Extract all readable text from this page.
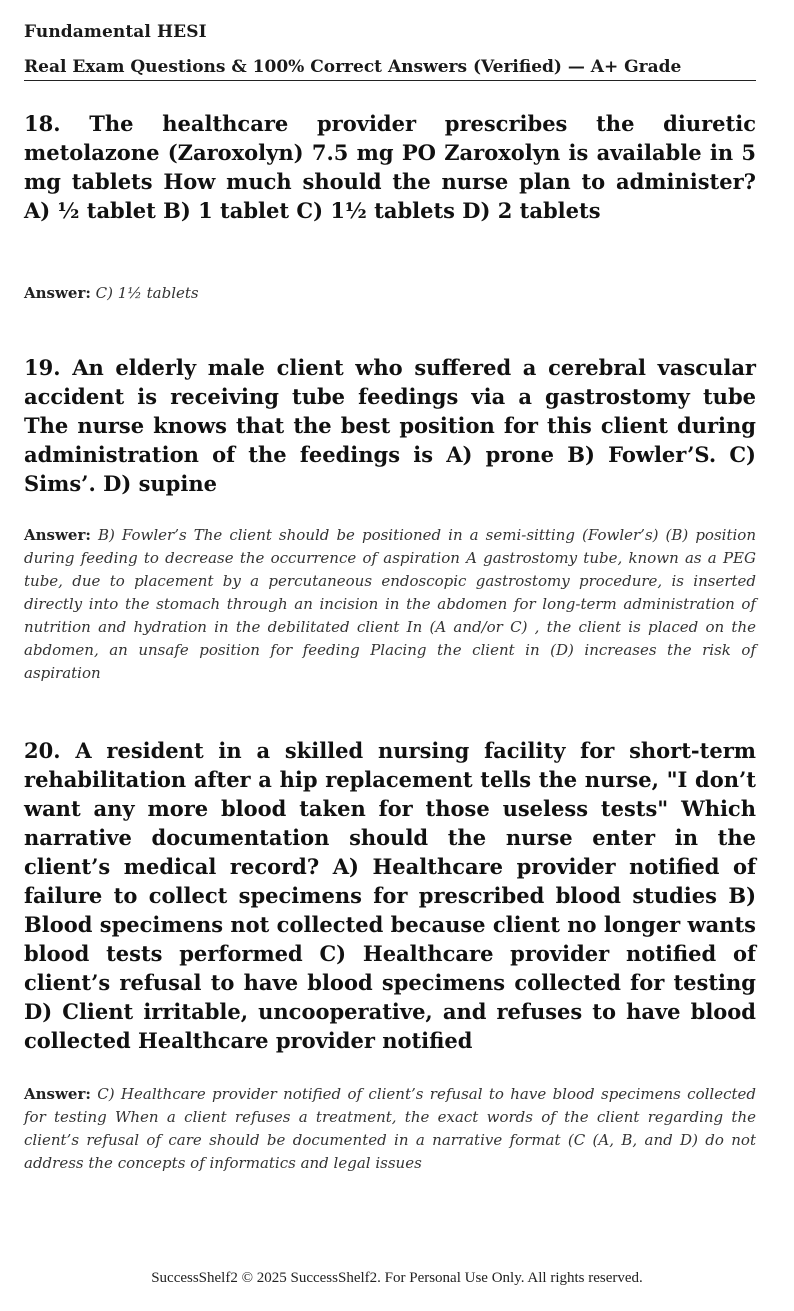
Fundamental HESI
Real Exam Questions & 100% Correct Answers (Verified) — A+ Grade

18. The healthcare provider prescribes the diuretic metolazone (Zaroxolyn) 7.5 mg PO Zaroxolyn is available in 5 mg tablets How much should the nurse plan to administer? A) ½ tablet B) 1 tablet C) 1½ tablets D) 2 tablets

Answer: C) 1½ tablets

19. An elderly male client who suffered a cerebral vascular accident is receiving tube feedings via a gastrostomy tube The nurse knows that the best position for this client during administration of the feedings is A) prone B) Fowler’S. C) Sims’. D) supine

Answer: B) Fowler’s The client should be positioned in a semi-sitting (Fowler’s) (B) position during feeding to decrease the occurrence of aspiration A gastrostomy tube, known as a PEG tube, due to placement by a percutaneous endoscopic gastrostomy procedure, is inserted directly into the stomach through an incision in the abdomen for long-term administration of nutrition and hydration in the debilitated client In (A and/or C) , the client is placed on the abdomen, an unsafe position for feeding Placing the client in (D) increases the risk of aspiration

20. A resident in a skilled nursing facility for short-term rehabilitation after a hip replacement tells the nurse, "I don’t want any more blood taken for those useless tests" Which narrative documentation should the nurse enter in the client’s medical record? A) Healthcare provider notified of failure to collect specimens for prescribed blood studies B) Blood specimens not collected because client no longer wants blood tests performed C) Healthcare provider notified of client’s refusal to have blood specimens collected for testing D) Client irritable, uncooperative, and refuses to have blood collected Healthcare provider notified

Answer: C) Healthcare provider notified of client’s refusal to have blood specimens collected for testing When a client refuses a treatment, the exact words of the client regarding the client’s refusal of care should be documented in a narrative format (C (A, B, and D) do not address the concepts of informatics and legal issues

SuccessShelf2 © 2025 SuccessShelf2. For Personal Use Only. All rights reserved.
